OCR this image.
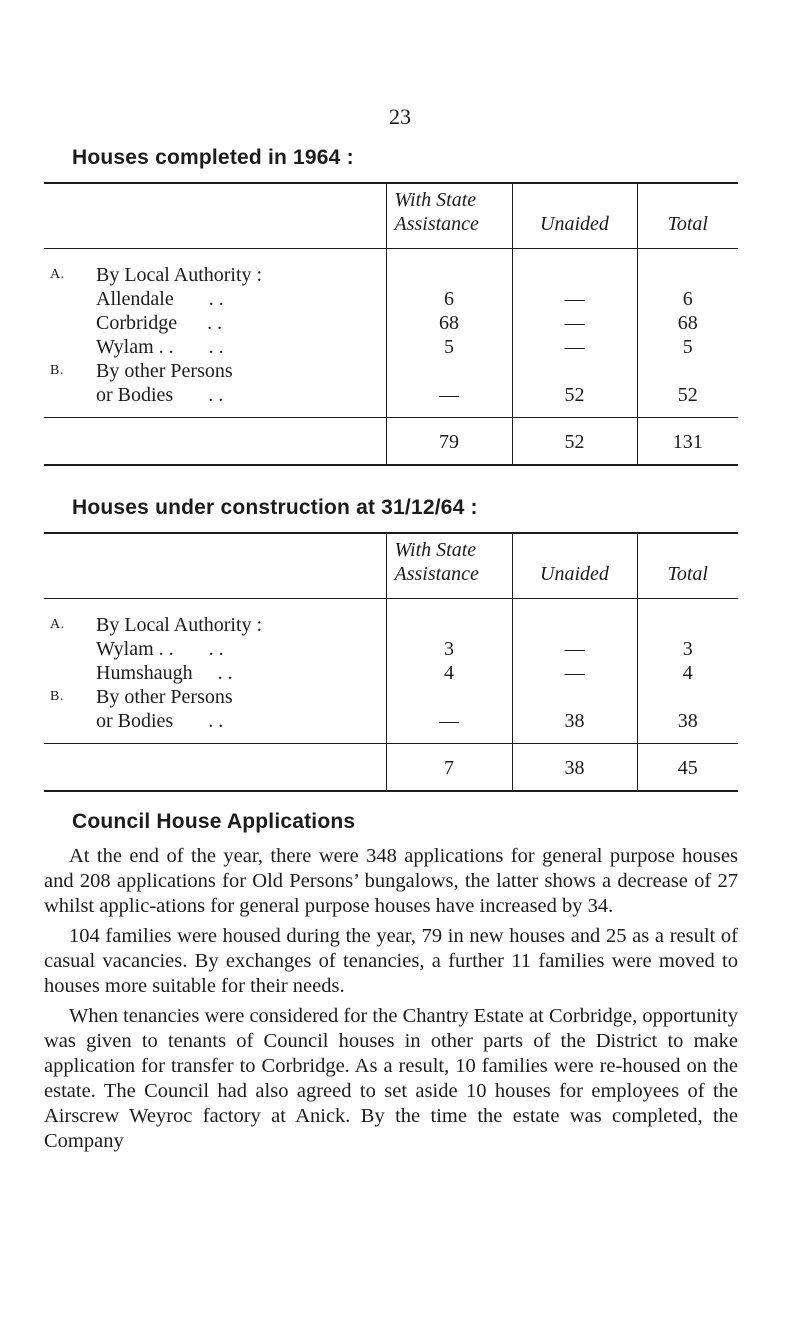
23
Houses completed in 1964 :
	With State
Assistance	Unaided	Total

A. By Local Authority :			

Allendale       . .	6	—	6

Corbridge      . .	68	—	68

Wylam . .       . .	5	—	5

B. By other Persons			

or Bodies       . .	—	52	52
	79	52	131
Houses under construction at 31/12/64 :
	With State
Assistance	Unaided	Total

A. By Local Authority :			

Wylam . .       . .	3	—	3

Humshaugh     . .	4	—	4

B. By other Persons			

or Bodies       . .	—	38	38
	7	38	45
Council House Applications

At the end of the year, there were 348 applications for general purpose houses and 208 applications for Old Persons’ bungalows, the latter shows a decrease of 27 whilst applic-ations for general purpose houses have increased by 34.

104 families were housed during the year, 79 in new houses and 25 as a result of casual vacancies. By exchanges of tenancies, a further 11 families were moved to houses more suitable for their needs.

When tenancies were considered for the Chantry Estate at Corbridge, opportunity was given to tenants of Council houses in other parts of the District to make application for transfer to Corbridge. As a result, 10 families were re-housed on the estate. The Council had also agreed to set aside 10 houses for employees of the Airscrew Weyroc factory at Anick. By the time the estate was completed, the Company
